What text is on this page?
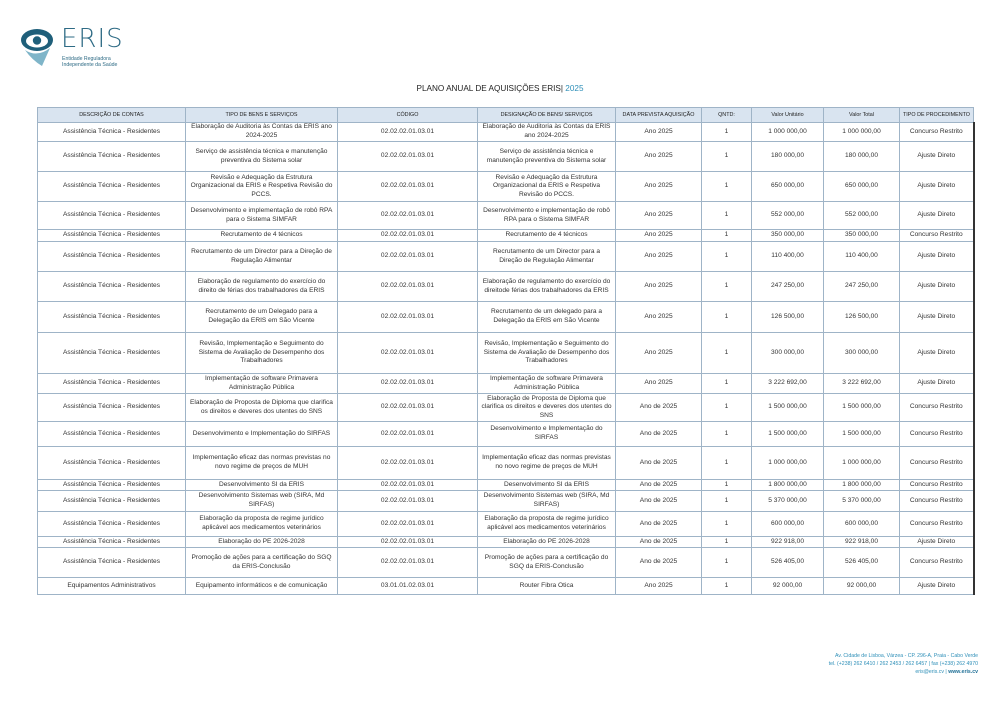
ERIS
Entidade Reguladora
Independente da Saúde
PLANO ANUAL DE AQUISIÇÕES ERIS| 2025
DESCRIÇÃO DE CONTAS	TIPO DE BENS E SERVIÇOS	CÓDIGO	DESIGNAÇÃO DE BENS/ SERVIÇOS	DATA PREVISTA AQUISIÇÃO	QNTD:	Valor Unitário	Valor Total	TIPO DE PROCEDIMENTO
Assistência Técnica - Residentes	Elaboração de Auditoria às Contas da ERIS ano 2024-2025	02.02.02.01.03.01	Elaboração de Auditoria às Contas da ERIS ano 2024-2025	Ano 2025	1	1 000 000,00	1 000 000,00	Concurso Restrito
Assistência Técnica - Residentes	Serviço de assistência técnica e manutenção preventiva do Sistema solar	02.02.02.01.03.01	Serviço de assistência técnica e manutenção preventiva do Sistema solar	Ano 2025	1	180 000,00	180 000,00	Ajuste Direto
Assistência Técnica - Residentes	Revisão e Adequação da Estrutura Organizacional da ERIS e Respetiva Revisão do PCCS.	02.02.02.01.03.01	Revisão e Adequação da Estrutura Organizacional da ERIS e Respetiva Revisão do PCCS.	Ano 2025	1	650 000,00	650 000,00	Ajuste Direto
Assistência Técnica - Residentes	Desenvolvimento e implementação de robô RPA para o Sistema SIMFAR	02.02.02.01.03.01	Desenvolvimento e implementação de robô RPA para o Sistema SIMFAR	Ano 2025	1	552 000,00	552 000,00	Ajuste Direto
Assistência Técnica - Residentes	Recrutamento de 4 técnicos	02.02.02.01.03.01	Recrutamento de 4 técnicos	Ano 2025	1	350 000,00	350 000,00	Concurso Restrito
Assistência Técnica - Residentes	Recrutamento de um Director para a Direção de Regulação Alimentar	02.02.02.01.03.01	Recrutamento de um Director para a Direção de Regulação Alimentar	Ano 2025	1	110 400,00	110 400,00	Ajuste Direto
Assistência Técnica - Residentes	Elaboração de regulamento do exercício do direito de férias dos trabalhadores da ERIS	02.02.02.01.03.01	Elaboração de regulamento do exercício do direitode férias dos trabalhadores da ERIS	Ano 2025	1	247 250,00	247 250,00	Ajuste Direto
Assistência Técnica - Residentes	Recrutamento de um Delegado para a Delegação da ERIS em São Vicente	02.02.02.01.03.01	Recrutamento de um delegado para a Delegação da ERIS em São Vicente	Ano 2025	1	126 500,00	126 500,00	Ajuste Direto
Assistência Técnica - Residentes	Revisão, Implementação e Seguimento do Sistema de Avaliação de Desempenho dos Trabalhadores	02.02.02.01.03.01	Revisão, Implementação e Seguimento do Sistema de Avaliação de Desempenho dos Trabalhadores	Ano 2025	1	300 000,00	300 000,00	Ajuste Direto
Assistência Técnica - Residentes	Implementação de software Primavera Administração Pública	02.02.02.01.03.01	Implementação de software Primavera Administração Pública	Ano 2025	1	3 222 692,00	3 222 692,00	Ajuste Direto
Assistência Técnica - Residentes	Elaboração de Proposta de Diploma que clarifica os direitos e deveres dos utentes do SNS	02.02.02.01.03.01	Elaboração de Proposta de Diploma que clarifica os direitos e deveres dos utentes do SNS	Ano de 2025	1	1 500 000,00	1 500 000,00	Concurso Restrito
Assistência Técnica - Residentes	Desenvolvimento e Implementação do SIRFAS	02.02.02.01.03.01	Desenvolvimento e Implementação do SIRFAS	Ano de 2025	1	1 500 000,00	1 500 000,00	Concurso Restrito
Assistência Técnica - Residentes	Implementação eficaz das normas previstas no novo regime de preços de MUH	02.02.02.01.03.01	Implementação eficaz das normas previstas no novo regime de preços de MUH	Ano de 2025	1	1 000 000,00	1 000 000,00	Concurso Restrito
Assistência Técnica - Residentes	Desenvolvimento SI da ERIS	02.02.02.01.03.01	Desenvolvimento SI da ERIS	Ano de 2025	1	1 800 000,00	1 800 000,00	Concurso Restrito
Assistência Técnica - Residentes	Desenvolvimento Sistemas web (SIRA, Md SIRFAS)	02.02.02.01.03.01	Desenvolvimento Sistemas web (SIRA, Md SIRFAS)	Ano de 2025	1	5 370 000,00	5 370 000,00	Concurso Restrito
Assistência Técnica - Residentes	Elaboração da proposta de regime jurídico aplicável aos medicamentos veterinários	02.02.02.01.03.01	Elaboração da proposta de regime jurídico aplicável aos medicamentos veterinários	Ano de 2025	1	600 000,00	600 000,00	Concurso Restrito
Assistência Técnica - Residentes	Elaboração do PE 2026-2028	02.02.02.01.03.01	Elaboração do PE 2026-2028	Ano de 2025	1	922 918,00	922 918,00	Ajuste Direto
Assistência Técnica - Residentes	Promoção de ações para a certificação do SGQ da ERIS-Conclusão	02.02.02.01.03.01	Promoção de ações para a certificação do SGQ da ERIS-Conclusão	Ano de 2025	1	526 405,00	526 405,00	Concurso Restrito
Equipamentos Administrativos	Equipamento informáticos e de comunicação	03.01.01.02.03.01	Router Fibra Otica	Ano 2025	1	92 000,00	92 000,00	Ajuste Direto
Av. Cidade de Lisboa, Várzea - CP. 296-A, Praia - Cabo Verde
tel. (+238) 262 6410 / 262 2453 / 262 6457 | fax (+238) 262 4970
eris@eris.cv | www.eris.cv
